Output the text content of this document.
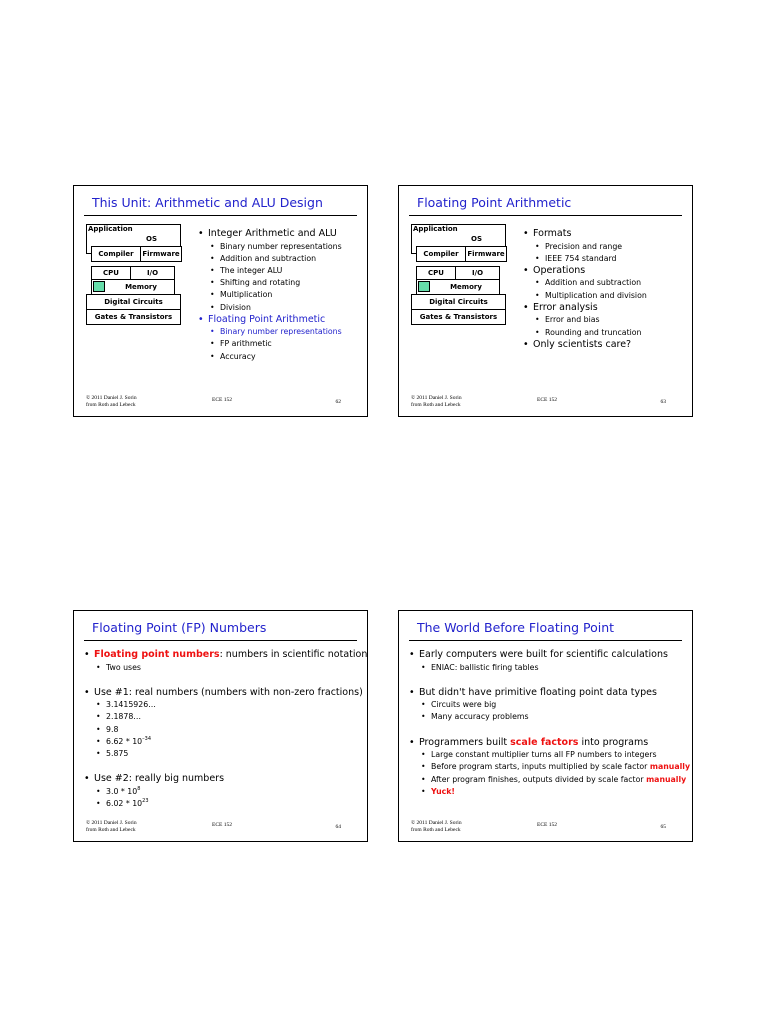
This Unit: Arithmetic and ALU Design
Application
OS
Compiler Firmware
CPU	I/O
Memory
Digital Circuits
Gates & Transistors
• Integer Arithmetic and ALU
• Binary number representations
• Addition and subtraction
• The integer ALU
• Shifting and rotating
• Multiplication
• Division
• Floating Point Arithmetic
• Binary number representations
• FP arithmetic
• Accuracy
© 2011 Daniel J. Sorin
from Roth and Lebeck
ECE 152	62
Floating Point Arithmetic
Application
OS
Compiler Firmware
CPU	I/O
Memory
Digital Circuits
Gates & Transistors
• Formats
• Precision and range
• IEEE 754 standard
• Operations
• Addition and subtraction
• Multiplication and division
• Error analysis
• Error and bias
• Rounding and truncation
• Only scientists care?
© 2011 Daniel J. Sorin
from Roth and Lebeck
ECE 152	63
Floating Point (FP) Numbers
• Floating point numbers: numbers in scientific notation
• Two uses
• Use #1: real numbers (numbers with non-zero fractions)
• 3.1415926…
• 2.1878…
• 9.8
• $6.62 * 10^{-34}$
• 5.875
• Use #2: really big numbers
• $3.0 * 10^8$
• $6.02 * 10^{23}$
© 2011 Daniel J. Sorin
from Roth and Lebeck
ECE 152	64
The World Before Floating Point
• Early computers were built for scientific calculations
• ENIAC: ballistic firing tables
• But didn't have primitive floating point data types
• Circuits were big
• Many accuracy problems
• Programmers built scale factors into programs
• Large constant multiplier turns all FP numbers to integers
• Before program starts, inputs multiplied by scale factor manually
• After program finishes, outputs divided by scale factor manually
• Yuck!
© 2011 Daniel J. Sorin
from Roth and Lebeck
ECE 152	65
